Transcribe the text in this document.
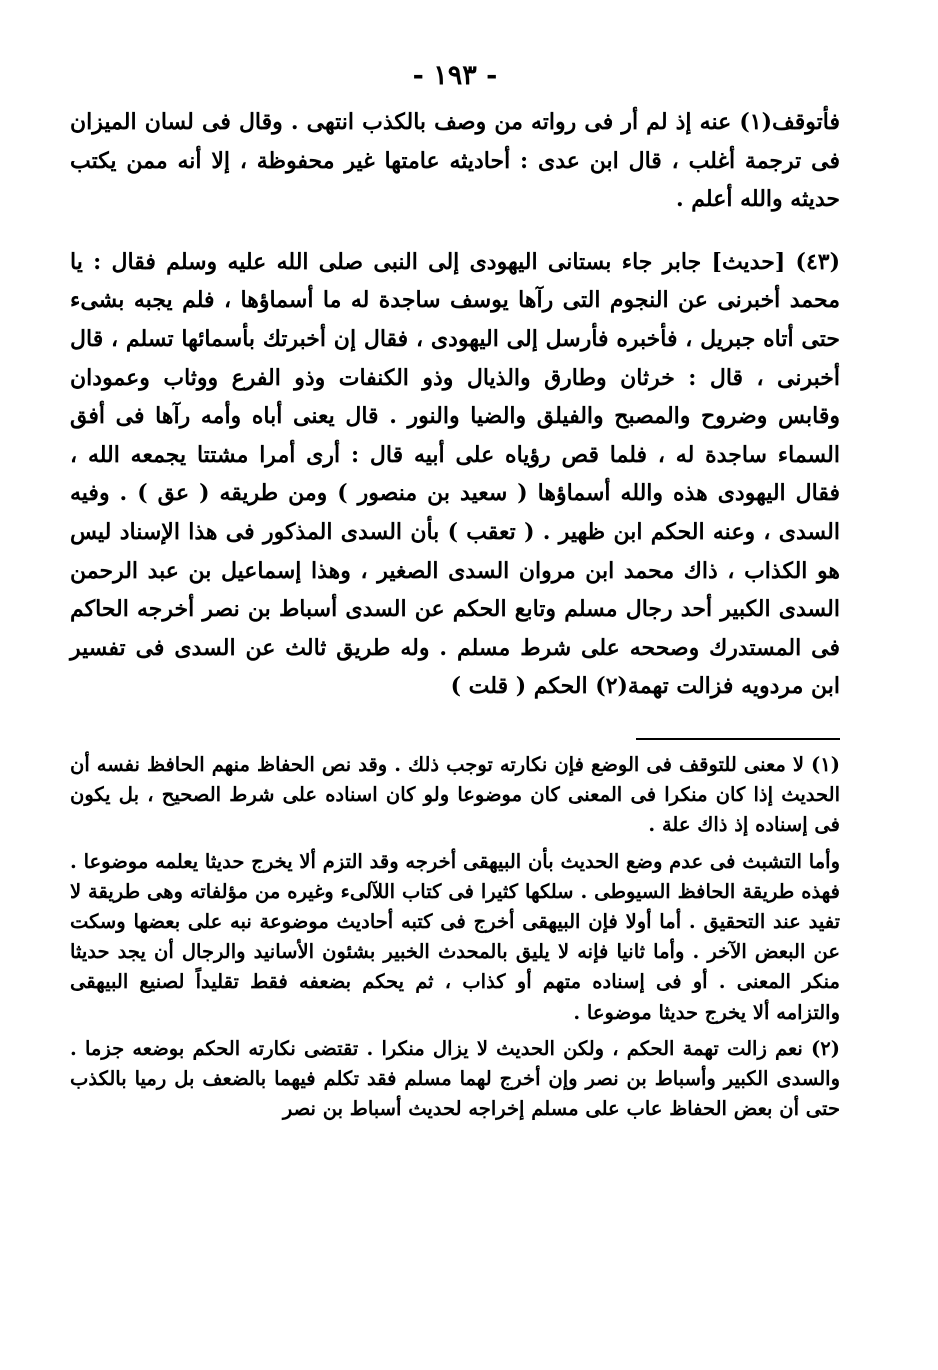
- ١٩٣ -

فأتوقف(١) عنه إذ لم أر فى رواته من وصف بالكذب انتهى . وقال فى لسان الميزان فى ترجمة أغلب ، قال ابن عدى : أحاديثه عامتها غير محفوظة ، إلا أنه ممن يكتب حديثه والله أعلم .

(٤٣) [حديث] جابر جاء بستانى اليهودى إلى النبى صلى الله عليه وسلم فقال : يا محمد أخبرنى عن النجوم التى رآها يوسف ساجدة له ما أسماؤها ، فلم يجبه بشىء حتى أتاه جبريل ، فأخبره فأرسل إلى اليهودى ، فقال إن أخبرتك بأسمائها تسلم ، قال أخبرنى ، قال : خرثان وطارق والذيال وذو الكنفات وذو الفرع ووثاب وعمودان وقابس وضروح والمصبح والفيلق والضيا والنور . قال يعنى أباه وأمه رآها فى أفق السماء ساجدة له ، فلما قص رؤياه على أبيه قال : أرى أمرا مشتتا يجمعه الله ، فقال اليهودى هذه والله أسماؤها ( سعيد بن منصور ) ومن طريقه ( عق ) . وفيه السدى ، وعنه الحكم ابن ظهير . ( تعقب ) بأن السدى المذكور فى هذا الإسناد ليس هو الكذاب ، ذاك محمد ابن مروان السدى الصغير ، وهذا إسماعيل بن عبد الرحمن السدى الكبير أحد رجال مسلم وتابع الحكم عن السدى أسباط بن نصر أخرجه الحاكم فى المستدرك وصححه على شرط مسلم . وله طريق ثالث عن السدى فى تفسير ابن مردويه فزالت تهمة(٢) الحكم ( قلت )

(١) لا معنى للتوقف فى الوضع فإن نكارته توجب ذلك . وقد نص الحفاظ منهم الحافظ نفسه أن الحديث إذا كان منكرا فى المعنى كان موضوعا ولو كان اسناده على شرط الصحيح ، بل يكون فى إسناده إذ ذاك علة .

وأما التشبث فى عدم وضع الحديث بأن البيهقى أخرجه وقد التزم ألا يخرج حديثا يعلمه موضوعا . فهذه طريقة الحافظ السيوطى . سلكها كثيرا فى كتاب اللآلىء وغيره من مؤلفاته وهى طريقة لا تفيد عند التحقيق . أما أولا فإن البيهقى أخرج فى كتبه أحاديث موضوعة نبه على بعضها وسكت عن البعض الآخر . وأما ثانيا فإنه لا يليق بالمحدث الخبير بشئون الأسانيد والرجال أن يجد حديثا منكر المعنى . أو فى إسناده متهم أو كذاب ، ثم يحكم بضعفه فقط تقليداً لصنيع البيهقى والتزامه ألا يخرج حديثا موضوعا .

(٢) نعم زالت تهمة الحكم ، ولكن الحديث لا يزال منكرا . تقتضى نكارته الحكم بوضعه جزما . والسدى الكبير وأسباط بن نصر وإن أخرج لهما مسلم فقد تكلم فيهما بالضعف بل رميا بالكذب حتى أن بعض الحفاظ عاب على مسلم إخراجه لحديث أسباط بن نصر
